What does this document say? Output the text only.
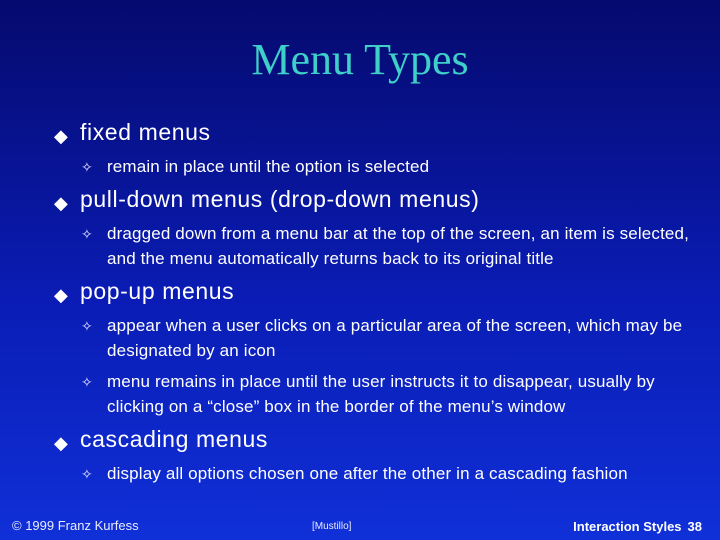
Menu Types
◆ fixed menus
✧ remain in place until the option is selected
◆ pull-down menus (drop-down menus)
✧ dragged down from a menu bar at the top of the screen, an item is selected, and the menu automatically returns back to its original title
◆ pop-up menus
✧ appear when a user clicks on a particular area of the screen, which may be designated by an icon
✧ menu remains in place until the user instructs it to disappear, usually by clicking on a “close” box in the border of the menu’s window
◆ cascading menus
✧ display all options chosen one after the other in a cascading fashion
© 1999 Franz Kurfess	[Mustillo]	Interaction Styles 38
